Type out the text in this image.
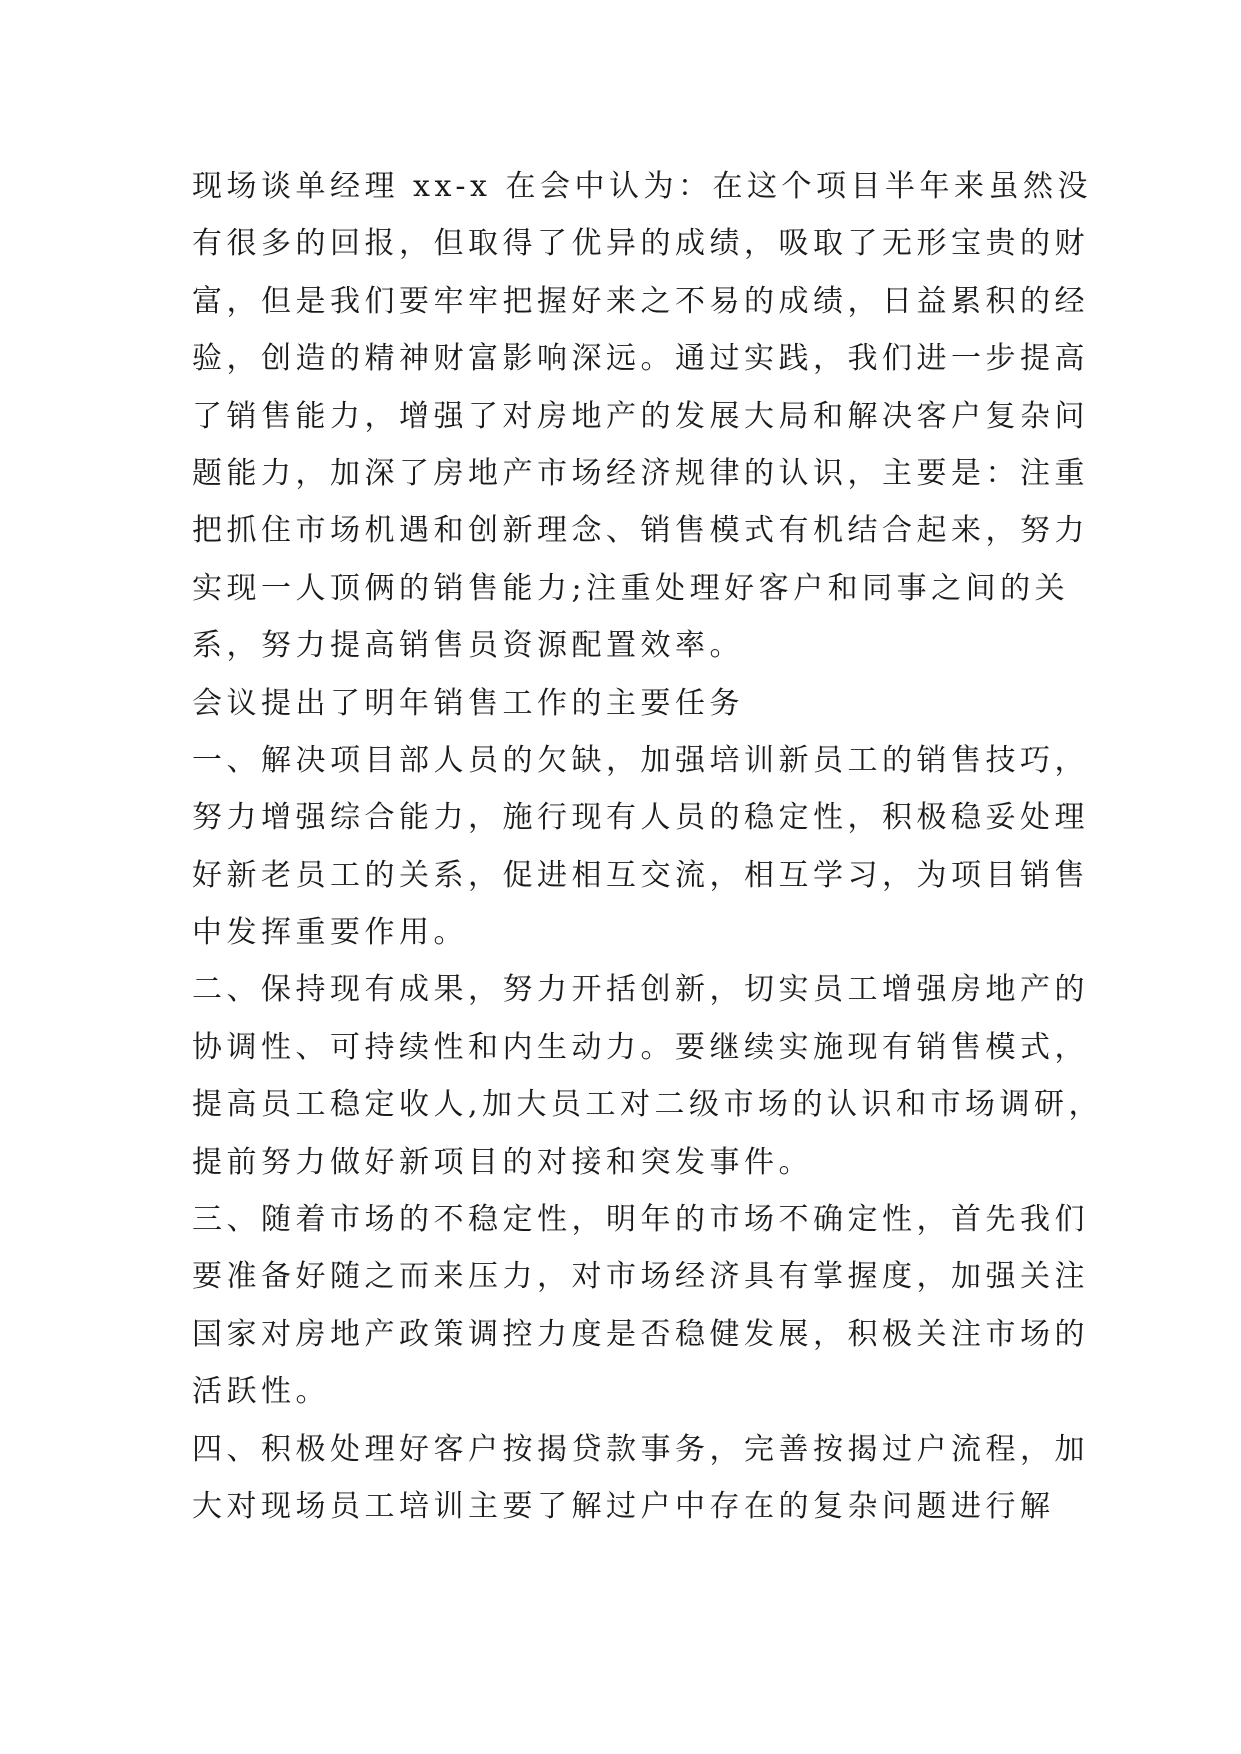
现场谈单经理 xx-x 在会中认为：在这个项目半年来虽然没
有很多的回报，但取得了优异的成绩，吸取了无形宝贵的财
富，但是我们要牢牢把握好来之不易的成绩，日益累积的经
验，创造的精神财富影响深远。通过实践，我们进一步提高
了销售能力，增强了对房地产的发展大局和解决客户复杂问
题能力，加深了房地产市场经济规律的认识，主要是：注重
把抓住市场机遇和创新理念、销售模式有机结合起来，努力
实现一人顶俩的销售能力;注重处理好客户和同事之间的关
系，努力提高销售员资源配置效率。
会议提出了明年销售工作的主要任务
一、解决项目部人员的欠缺，加强培训新员工的销售技巧，
努力增强综合能力，施行现有人员的稳定性，积极稳妥处理
好新老员工的关系，促进相互交流，相互学习，为项目销售
中发挥重要作用。
二、保持现有成果，努力开括创新，切实员工增强房地产的
协调性、可持续性和内生动力。要继续实施现有销售模式，
提高员工稳定收人,加大员工对二级市场的认识和市场调研，
提前努力做好新项目的对接和突发事件。
三、随着市场的不稳定性，明年的市场不确定性，首先我们
要准备好随之而来压力，对市场经济具有掌握度，加强关注
国家对房地产政策调控力度是否稳健发展，积极关注市场的
活跃性。
四、积极处理好客户按揭贷款事务，完善按揭过户流程，加
大对现场员工培训主要了解过户中存在的复杂问题进行解
